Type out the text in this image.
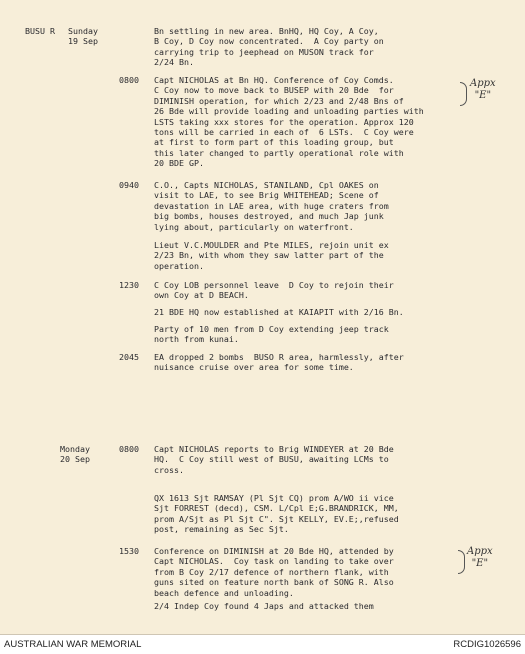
BUSU R Sunday
19 Sep
Bn settling in new area. BnHQ, HQ Coy, A Coy,
B Coy, D Coy now concentrated.  A Coy party on
carrying trip to jeephead on MUSON track for
2/24 Bn.
0800 Capt NICHOLAS at Bn HQ. Conference of Coy Comds.
C Coy now to move back to BUSEP with 20 Bde  for
DIMINISH operation, for which 2/23 and 2/48 Bns of
26 Bde will provide loading and unloading parties with
LSTS taking xxx stores for the operation. Approx 120
tons will be carried in each of  6 LSTs.  C Coy were
at first to form part of this loading group, but
this later changed to partly operational role with
20 BDE GP.
0940 C.O., Capts NICHOLAS, STANILAND, Cpl OAKES on
visit to LAE, to see Brig WHITEHEAD; Scene of
devastation in LAE area, with huge craters from
big bombs, houses destroyed, and much Jap junk
lying about, particularly on waterfront.
Lieut V.C.MOULDER and Pte MILES, rejoin unit ex
2/23 Bn, with whom they saw latter part of the
operation.
1230 C Coy LOB personnel leave  D Coy to rejoin their
own Coy at D BEACH.
21 BDE HQ now established at KAIAPIT with 2/16 Bn.
Party of 10 men from D Coy extending jeep track
north from kunai.
2045 EA dropped 2 bombs  BUSO R area, harmlessly, after
nuisance cruise over area for some time.
Monday
20 Sep
0800 Capt NICHOLAS reports to Brig WINDEYER at 20 Bde
HQ.  C Coy still west of BUSU, awaiting LCMs to
cross.
QX 1613 Sjt RAMSAY (Pl Sjt CQ) prom A/WO ii vice
Sjt FORREST (decd), CSM. L/Cpl E;G.BRANDRICK, MM,
prom A/Sjt as Pl Sjt C". Sjt KELLY, EV.E;,refused
post, remaining as Sec Sjt.
1530 Conference on DIMINISH at 20 Bde HQ, attended by
Capt NICHOLAS.  Coy task on landing to take over
from B Coy 2/17 defence of northern flank, with
guns sited on feature north bank of SONG R. Also
beach defence and unloading.
2/4 Indep Coy found 4 Japs and attacked them
Appx
"E"
Appx
"E"
AUSTRALIAN WAR MEMORIAL	RCDIG1026596
